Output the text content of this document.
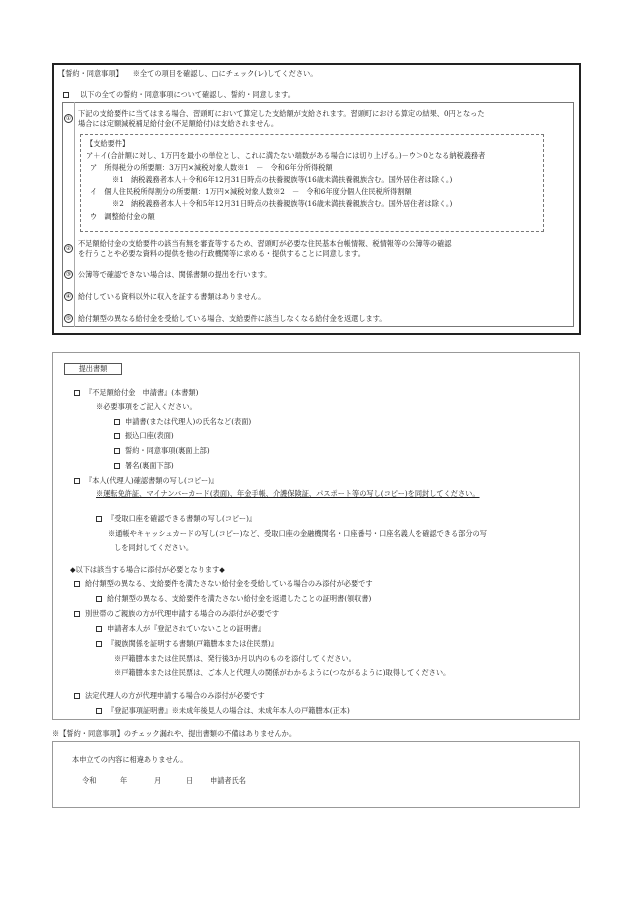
【誓約・同意事項】 ※全ての項目を確認し、□にチェック(レ)してください。
以下の全ての誓約・同意事項について確認し、誓約・同意します。
①
下記の支給要件に当てはまる場合、習頭町において算定した支給額が支給されます。習頭町における算定の結果、0円となった
場合には定額減税補足給付金(不足額給付)は支給されません。
【支給要件】
ア＋イ(合計額に対し、1万円を最小の単位とし、これに満たない端数がある場合には切り上げる。)－ウ＞0となる納税義務者
ア　所得税分の所要額：3万円×減税対象人数※1　－　令和6年分所得税額
※1　納税義務者本人＋令和6年12月31日時点の扶養親族等(16歳未満扶養親族含む。国外居住者は除く。)
イ　個人住民税所得割分の所要額：1万円×減税対象人数※2　－　令和6年度分個人住民税所得割額
※2　納税義務者本人＋令和5年12月31日時点の扶養親族等(16歳未満扶養親族含む。国外居住者は除く。)
ウ　調整給付金の額
②
不足額給付金の支給要件の該当有無を審査等するため、習頭町が必要な住民基本台帳情報、税情報等の公簿等の確認
を行うことや必要な資料の提供を他の行政機関等に求める・提供することに同意します。
③ 公簿等で確認できない場合は、関係書類の提出を行います。
④ 給付している資料以外に収入を証する書類はありません。
⑤ 給付類型の異なる給付金を受給している場合、支給要件に該当しなくなる給付金を返還します。
提出書類
『不足額給付金　申請書』(本書類)
※必要事項をご記入ください。
申請書(または代理人)の氏名など(表面)
振込口座(表面)
誓約・同意事項(裏面上部)
署名(裏面下部)
『本人(代理人)確認書類の写し(コピー)』
※運転免許証、マイナンバーカード(表面)、年金手帳、介護保険証、パスポート等の写し(コピー)を同封してください。
『受取口座を確認できる書類の写し(コピー)』
※通帳やキャッシュカードの写し(コピー)など、受取口座の金融機関名・口座番号・口座名義人を確認できる部分の写
しを同封してください。
◆以下は該当する場合に添付が必要となります◆
給付類型の異なる、支給要件を満たさない給付金を受給している場合のみ添付が必要です
給付類型の異なる、支給要件を満たさない給付金を返還したことの証明書(領収書)
別世帯のご親族の方が代理申請する場合のみ添付が必要です
申請者本人が『登記されていないことの証明書』
『親族関係を証明する書類(戸籍謄本または住民票)』
※戸籍謄本または住民票は、発行後3か月以内のものを添付してください。
※戸籍謄本または住民票は、ご本人と代理人の関係がわかるように(つながるように)取得してください。
法定代理人の方が代理申請する場合のみ添付が必要です
『登記事項証明書』※未成年後見人の場合は、未成年本人の戸籍謄本(正本)
※【誓約・同意事項】のチェック漏れや、提出書類の不備はありませんか。
本申立ての内容に相違ありません。
令和	年	月	日 申請者氏名
